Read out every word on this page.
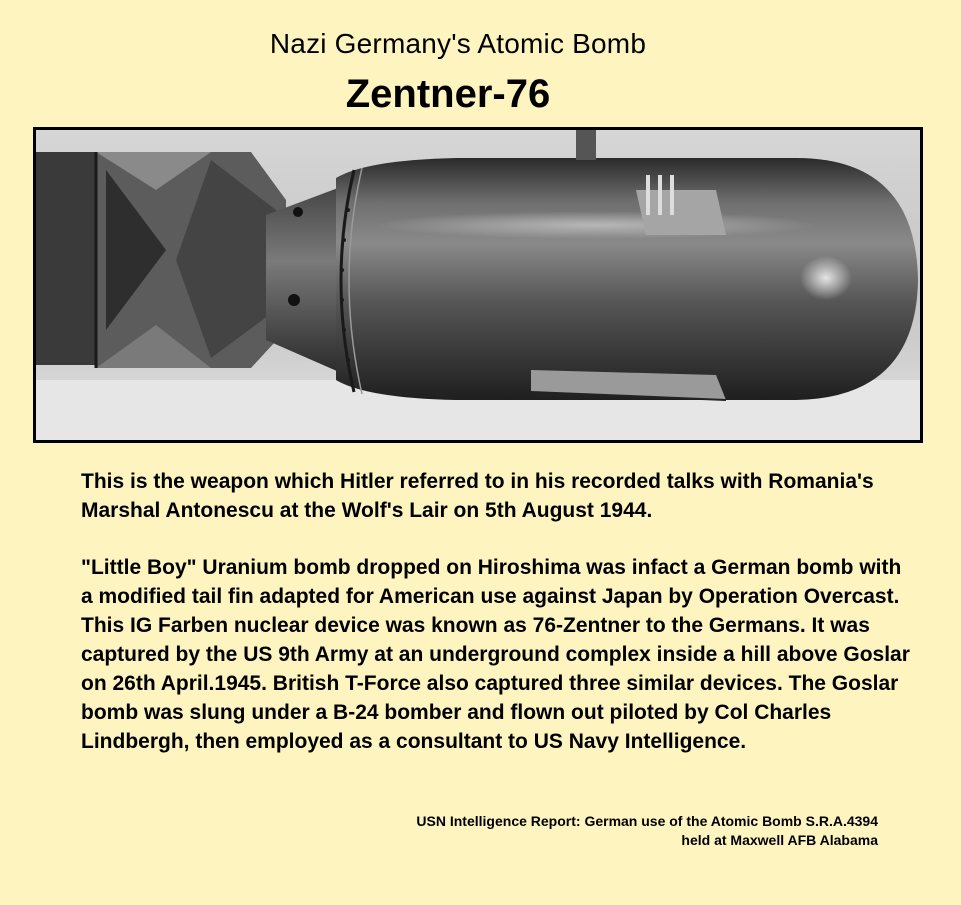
Nazi Germany's Atomic Bomb
Zentner-76

This is the weapon which Hitler referred to in his recorded talks with Romania's Marshal Antonescu at the Wolf's Lair on 5th August 1944.

"Little Boy" Uranium bomb dropped on Hiroshima was infact a German bomb with a modified tail fin adapted for American use against Japan by Operation Overcast. This IG Farben nuclear device was known as 76-Zentner to the Germans. It was captured by the US 9th Army at an underground complex inside a hill above Goslar on 26th April.1945. British T-Force also captured three similar devices. The Goslar bomb was slung under a B-24 bomber and flown out piloted by Col Charles Lindbergh, then employed as a consultant to US Navy Intelligence.

USN Intelligence Report: German use of the Atomic Bomb S.R.A.4394
held at Maxwell AFB Alabama
